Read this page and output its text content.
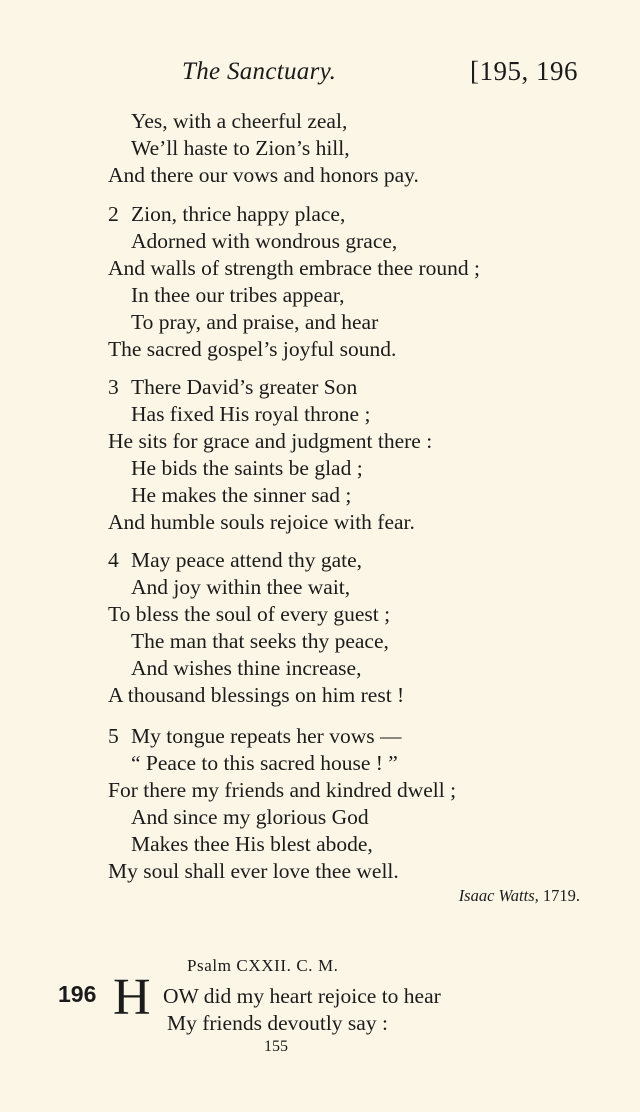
The Sanctuary.	[195, 196
Yes, with a cheerful zeal,
We’ll haste to Zion’s hill,
And there our vows and honors pay.
2 Zion, thrice happy place,
Adorned with wondrous grace,
And walls of strength embrace thee round ;
In thee our tribes appear,
To pray, and praise, and hear
The sacred gospel’s joyful sound.
3 There David’s greater Son
Has fixed His royal throne ;
He sits for grace and judgment there :
He bids the saints be glad ;
He makes the sinner sad ;
And humble souls rejoice with fear.
4 May peace attend thy gate,
And joy within thee wait,
To bless the soul of every guest ;
The man that seeks thy peace,
And wishes thine increase,
A thousand blessings on him rest !
5 My tongue repeats her vows —
“ Peace to this sacred house ! ”
For there my friends and kindred dwell ;
And since my glorious God
Makes thee His blest abode,
My soul shall ever love thee well.
Isaac Watts, 1719.
Psalm CXXII. C. M.
196 H OW did my heart rejoice to hear
My friends devoutly say :
155
